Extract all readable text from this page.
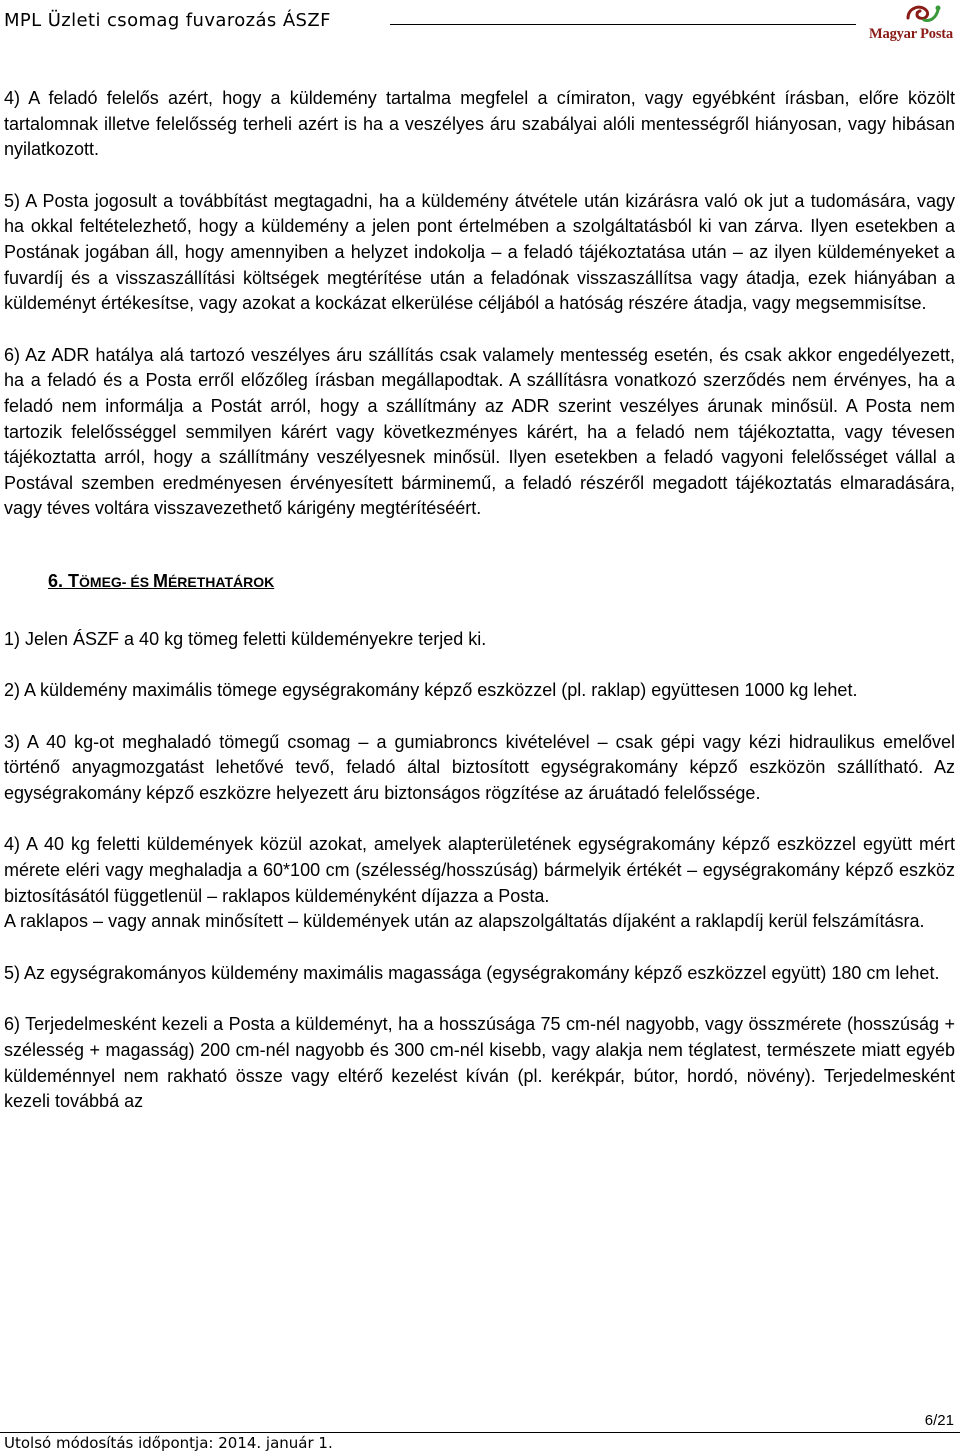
MPL Üzleti csomag fuvarozás ÁSZF
Magyar Posta

4) A feladó felelős azért, hogy a küldemény tartalma megfelel a címiraton, vagy egyébként írásban, előre közölt tartalomnak illetve felelősség terheli azért is ha a veszélyes áru szabályai alóli mentességről hiányosan, vagy hibásan nyilatkozott.

5) A Posta jogosult a továbbítást megtagadni, ha a küldemény átvétele után kizárásra való ok jut a tudomására, vagy ha okkal feltételezhető, hogy a küldemény a jelen pont értelmében a szolgáltatásból ki van zárva. Ilyen esetekben a Postának jogában áll, hogy amennyiben a helyzet indokolja – a feladó tájékoztatása után – az ilyen küldeményeket a fuvardíj és a visszaszállítási költségek megtérítése után a feladónak visszaszállítsa vagy átadja, ezek hiányában a küldeményt értékesítse, vagy azokat a kockázat elkerülése céljából a hatóság részére átadja, vagy megsemmisítse.

6) Az ADR hatálya alá tartozó veszélyes áru szállítás csak valamely mentesség esetén, és csak akkor engedélyezett, ha a feladó és a Posta erről előzőleg írásban megállapodtak. A szállításra vonatkozó szerződés nem érvényes, ha a feladó nem informálja a Postát arról, hogy a szállítmány az ADR szerint veszélyes árunak minősül. A Posta nem tartozik felelősséggel semmilyen kárért vagy következményes kárért, ha a feladó nem tájékoztatta, vagy tévesen tájékoztatta arról, hogy a szállítmány veszélyesnek minősül. Ilyen esetekben a feladó vagyoni felelősséget vállal a Postával szemben eredményesen érvényesített bárminemű, a feladó részéről megadott tájékoztatás elmaradására, vagy téves voltára visszavezethető kárigény megtérítéséért.

6. TÖMEG- ÉS MÉRETHATÁROK

1) Jelen ÁSZF a 40 kg tömeg feletti küldeményekre terjed ki.

2) A küldemény maximális tömege egységrakomány képző eszközzel (pl. raklap) együttesen 1000 kg lehet.

3) A 40 kg-ot meghaladó tömegű csomag – a gumiabroncs kivételével – csak gépi vagy kézi hidraulikus emelővel történő anyagmozgatást lehetővé tevő, feladó által biztosított egységrakomány képző eszközön szállítható. Az egységrakomány képző eszközre helyezett áru biztonságos rögzítése az áruátadó felelőssége.

4) A 40 kg feletti küldemények közül azokat, amelyek alapterületének egységrakomány képző eszközzel együtt mért mérete eléri vagy meghaladja a 60*100 cm (szélesség/hosszúság) bármelyik értékét – egységrakomány képző eszköz biztosításától függetlenül – raklapos küldeményként díjazza a Posta.

A raklapos – vagy annak minősített – küldemények után az alapszolgáltatás díjaként a raklapdíj kerül felszámításra.

5) Az egységrakományos küldemény maximális magassága (egységrakomány képző eszközzel együtt) 180 cm lehet.

6) Terjedelmesként kezeli a Posta a küldeményt, ha a hosszúsága 75 cm-nél nagyobb, vagy összmérete (hosszúság + szélesség + magasság) 200 cm-nél nagyobb és 300 cm-nél kisebb, vagy alakja nem téglatest, természete miatt egyéb küldeménnyel nem rakható össze vagy eltérő kezelést kíván (pl. kerékpár, bútor, hordó, növény). Terjedelmesként kezeli továbbá az

6/21
Utolsó módosítás időpontja: 2014. január 1.
